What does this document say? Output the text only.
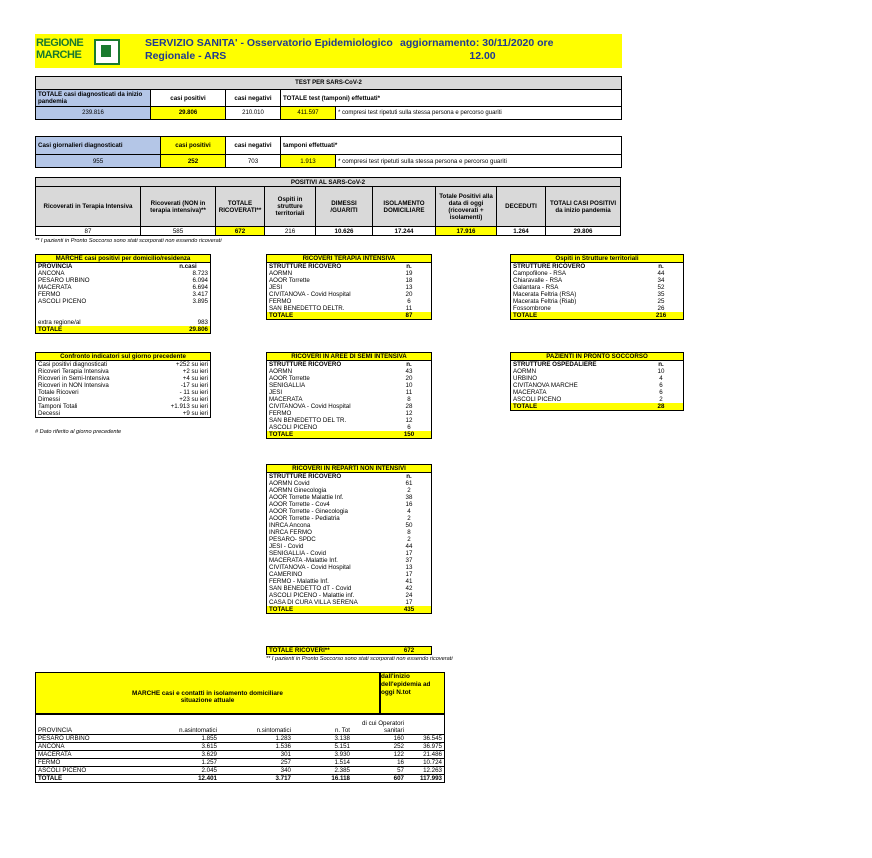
REGIONE
MARCHE
SERVIZIO SANITA' - Osservatorio Epidemiologico
Regionale - ARS
aggiornamento: 30/11/2020 ore
12.00
TEST PER SARS-CoV-2				
TOTALE casi diagnosticati da inizio pandemia	casi positivi	casi negativi	TOTALE test (tamponi) effettuati*	
239.816	29.806	210.010	411.597	* compresi test ripetuti sulla stessa persona e percorso guariti
Casi giornalieri diagnosticati	casi positivi	casi negativi	tamponi effettuati*	
955	252	703	1.913	* compresi test ripetuti sulla stessa persona e percorso guariti
POSITIVI AL SARS-CoV-2								
Ricoverati in Terapia Intensiva	Ricoverati (NON in terapia intensiva)**	TOTALE RICOVERATI**	Ospiti in strutture territoriali	DIMESSI /GUARITI	ISOLAMENTO DOMICILIARE	Totale Positivi alla data di oggi (ricoverati + isolamenti)	DECEDUTI	TOTALI CASI POSITIVI da inizio pandemia
87	585	672	216	10.626	17.244	17.916	1.264	29.806
** I pazienti in Pronto Soccorso sono stati scorporati non essendo ricoverati
MARCHE casi positivi per domicilio/residenza	
PROVINCIA	n.casi
ANCONA	8.723
PESARO URBINO	6.094
MACERATA	6.694
FERMO	3.417
ASCOLI PICENO	3.895

extra regione/al	983
TOTALE	29.806
RICOVERI TERAPIA INTENSIVA	
STRUTTURE RICOVERO	n.
AORMN	19
AOOR Torrette	18
JESI	13
CIVITANOVA - Covid Hospital	20
FERMO	6
SAN BENEDETTO DELTR.	11
TOTALE	87
Ospiti in Strutture territoriali	
STRUTTURE RICOVERO	n.
Campofilone - RSA	44
Chiaravalle - RSA	34
Galantara - RSA	52
Macerata Feltria (RSA)	35
Macerata Feltria (Riab)	25
Fossombrone	26
TOTALE	216
Confronto indicatori sul giorno precedente	
Casi positivi diagnosticati	+252 su ieri
Ricoveri Terapia Intensiva	+2 su ieri
Ricoveri in Semi-Intensiva	+4 su ieri
Ricoveri in NON Intensiva	-17 su ieri
Totale Ricoveri	- 11 su ieri
Dimessi	+23 su ieri
Tamponi Totali	+1.913 su ieri
Decessi	+9 su ieri
# Dato riferito al giorno precedente
RICOVERI IN AREE DI SEMI INTENSIVA	
STRUTTURE RICOVERO	n.
AORMN	43
AOOR Torrette	20
SENIGALLIA	10
JESI	11
MACERATA	8
CIVITANOVA - Covid Hospital	28
FERMO	12
SAN BENEDETTO DEL TR.	12
ASCOLI PICENO	6
TOTALE	150
PAZIENTI IN PRONTO SOCCORSO	
STRUTTURE OSPEDALIERE	n.
AORMN	10
URBINO	4
CIVITANOVA MARCHE	6
MACERATA	6
ASCOLI PICENO	2
TOTALE	28
RICOVERI IN REPARTI NON INTENSIVI	
STRUTTURE RICOVERO	n.
AORMN Covid	61
AORMN Ginecologia	2
AOOR Torrette Malattie Inf.	38
AOOR Torrette - Cov4	16
AOOR Torrette - Ginecologia	4
AOOR Torrette - Pediatria	2
INRCA Ancona	50
INRCA FERMO	8
PESARO- SPDC	2
JESI - Covid	44
SENIGALLIA - Covid	17
MACERATA -Malattie Inf.	37
CIVITANOVA - Covid Hospital	13
CAMERINO	17
FERMO - Malattie Inf.	41
SAN BENEDETTO dT - Covid	42
ASCOLI PICENO - Malattie inf.	24
CASA DI CURA VILLA SERENA	17
TOTALE	435
TOTALE RICOVERI**	672
** I pazienti in Pronto Soccorso sono stati scorporati non essendo ricoverati
MARCHE casi e contatti in isolamento domiciliare
situazione attuale
dall'inizio
dell'epidemia ad
oggi N.tot
PROVINCIA	n.asintomatici	n.sintomatici	n. Tot	di cui Operatori sanitari	
PESARO URBINO	1.855	1.283	3.138	160	36.545
ANCONA	3.615	1.536	5.151	252	36.975
MACERATA	3.629	301	3.930	122	21.486
FERMO	1.257	257	1.514	16	10.724
ASCOLI PICENO	2.045	340	2.385	57	12.263
TOTALE	12.401	3.717	16.118	607	117.993
